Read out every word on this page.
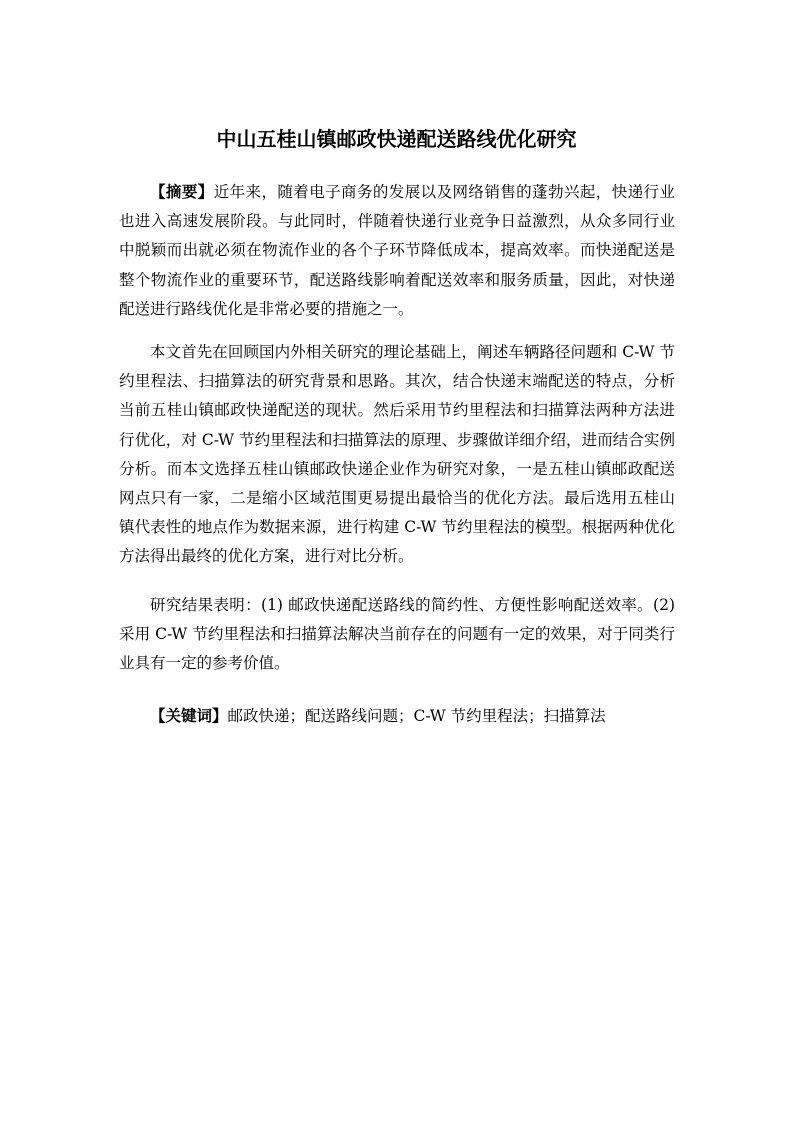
中山五桂山镇邮政快递配送路线优化研究

【摘要】近年来，随着电子商务的发展以及网络销售的蓬勃兴起，快递行业也进入高速发展阶段。与此同时，伴随着快递行业竞争日益激烈，从众多同行业中脱颖而出就必须在物流作业的各个子环节降低成本，提高效率。而快递配送是整个物流作业的重要环节，配送路线影响着配送效率和服务质量，因此，对快递配送进行路线优化是非常必要的措施之一。

本文首先在回顾国内外相关研究的理论基础上，阐述车辆路径问题和 C-W 节约里程法、扫描算法的研究背景和思路。其次，结合快递末端配送的特点，分析当前五桂山镇邮政快递配送的现状。然后采用节约里程法和扫描算法两种方法进行优化，对 C-W 节约里程法和扫描算法的原理、步骤做详细介绍，进而结合实例分析。而本文选择五桂山镇邮政快递企业作为研究对象，一是五桂山镇邮政配送网点只有一家，二是缩小区域范围更易提出最恰当的优化方法。最后选用五桂山镇代表性的地点作为数据来源，进行构建 C-W 节约里程法的模型。根据两种优化方法得出最终的优化方案，进行对比分析。

研究结果表明：(1) 邮政快递配送路线的简约性、方便性影响配送效率。(2) 采用 C-W 节约里程法和扫描算法解决当前存在的问题有一定的效果，对于同类行业具有一定的参考价值。

【关键词】邮政快递；配送路线问题；C-W 节约里程法；扫描算法
